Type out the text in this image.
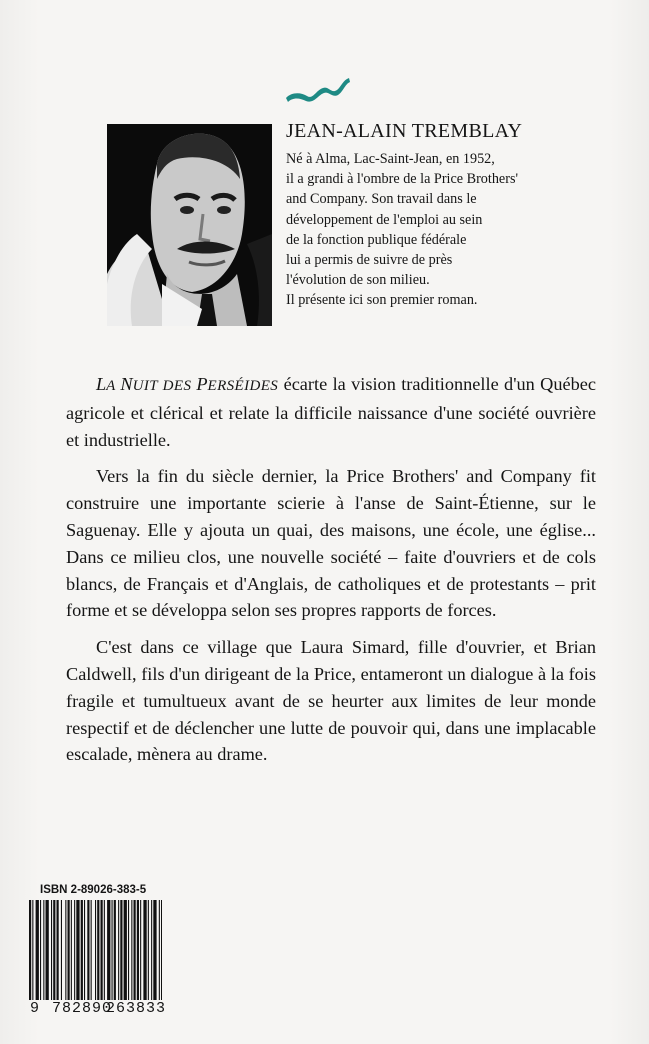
JEAN-ALAIN TREMBLAY
Né à Alma, Lac-Saint-Jean, en 1952,
il a grandi à l'ombre de la Price Brothers'
and Company. Son travail dans le
développement de l'emploi au sein
de la fonction publique fédérale
lui a permis de suivre de près
l'évolution de son milieu.
Il présente ici son premier roman.

LA NUIT DES PERSÉIDES écarte la vision traditionnelle d'un Québec agricole et clérical et relate la difficile naissance d'une société ouvrière et industrielle.

Vers la fin du siècle dernier, la Price Brothers' and Company fit construire une importante scierie à l'anse de Saint-Étienne, sur le Saguenay. Elle y ajouta un quai, des maisons, une école, une église... Dans ce milieu clos, une nouvelle société – faite d'ouvriers et de cols blancs, de Français et d'Anglais, de catholiques et de protestants – prit forme et se développa selon ses propres rapports de forces.

C'est dans ce village que Laura Simard, fille d'ouvrier, et Brian Caldwell, fils d'un dirigeant de la Price, entameront un dialogue à la fois fragile et tumultueux avant de se heurter aux limites de leur monde respectif et de déclencher une lutte de pouvoir qui, dans une implacable escalade, mènera au drame.

ISBN 2-89026-383-5
9 782890
263833
